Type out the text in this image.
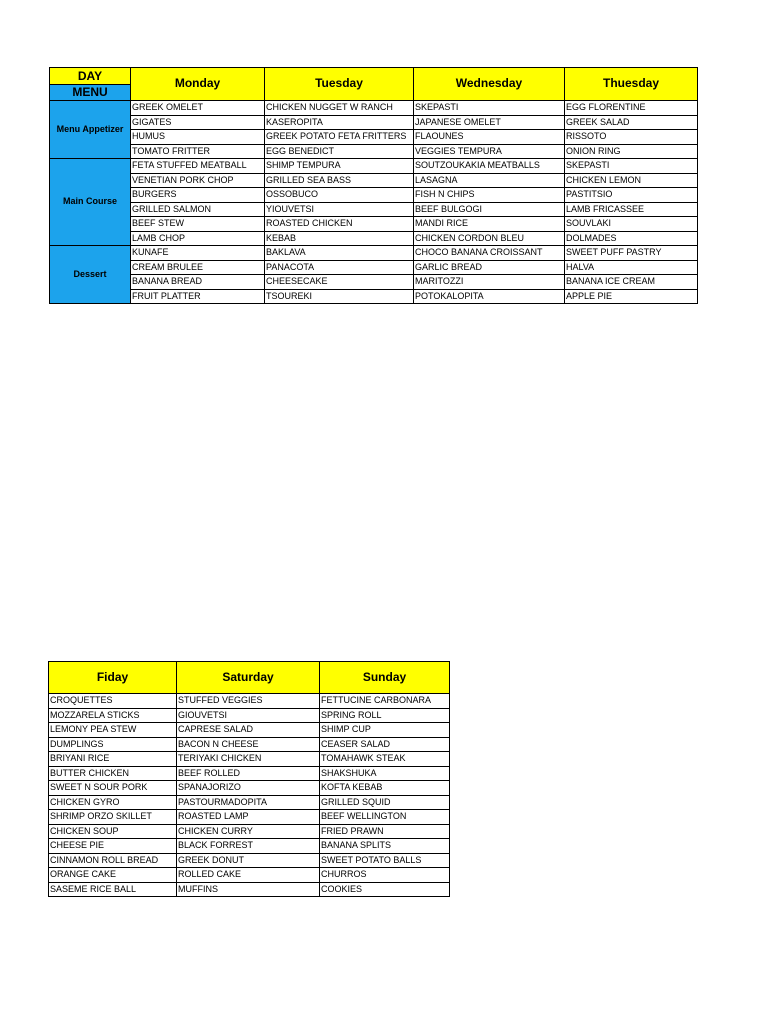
DAY	Monday	Tuesday	Wednesday	Thuesday
MENU				
Menu Appetizer	GREEK OMELET	CHICKEN NUGGET W RANCH	SKEPASTI	EGG FLORENTINE
	GIGATES	KASEROPITA	JAPANESE OMELET	GREEK SALAD
	HUMUS	GREEK POTATO FETA FRITTERS	FLAOUNES	RISSOTO
	TOMATO FRITTER	EGG BENEDICT	VEGGIES TEMPURA	ONION RING
Main Course	FETA STUFFED MEATBALL	SHIMP TEMPURA	SOUTZOUKAKIA MEATBALLS	SKEPASTI
	VENETIAN PORK CHOP	GRILLED SEA BASS	LASAGNA	CHICKEN LEMON
	BURGERS	OSSOBUCO	FISH N CHIPS	PASTITSIO
	GRILLED SALMON	YIOUVETSI	BEEF BULGOGI	LAMB FRICASSEE
	BEEF STEW	ROASTED CHICKEN	MANDI RICE	SOUVLAKI
	LAMB CHOP	KEBAB	CHICKEN CORDON BLEU	DOLMADES
Dessert	KUNAFE	BAKLAVA	CHOCO BANANA CROISSANT	SWEET PUFF PASTRY
	CREAM BRULEE	PANACOTA	GARLIC BREAD	HALVA
	BANANA BREAD	CHEESECAKE	MARITOZZI	BANANA ICE CREAM
	FRUIT PLATTER	TSOUREKI	POTOKALOPITA	APPLE PIE
Fiday	Saturday	Sunday
CROQUETTES	STUFFED VEGGIES	FETTUCINE CARBONARA
MOZZARELA STICKS	GIOUVETSI	SPRING ROLL
LEMONY PEA STEW	CAPRESE SALAD	SHIMP CUP
DUMPLINGS	BACON N CHEESE	CEASER SALAD
BRIYANI RICE	TERIYAKI CHICKEN	TOMAHAWK STEAK
BUTTER CHICKEN	BEEF ROLLED	SHAKSHUKA
SWEET N SOUR PORK	SPANAJORIZO	KOFTA KEBAB
CHICKEN GYRO	PASTOURMADOPITA	GRILLED SQUID
SHRIMP ORZO SKILLET	ROASTED LAMP	BEEF WELLINGTON
CHICKEN SOUP	CHICKEN CURRY	FRIED PRAWN
CHEESE PIE	BLACK FORREST	BANANA SPLITS
CINNAMON ROLL BREAD	GREEK DONUT	SWEET POTATO BALLS
ORANGE CAKE	ROLLED CAKE	CHURROS
SASEME RICE BALL	MUFFINS	COOKIES
